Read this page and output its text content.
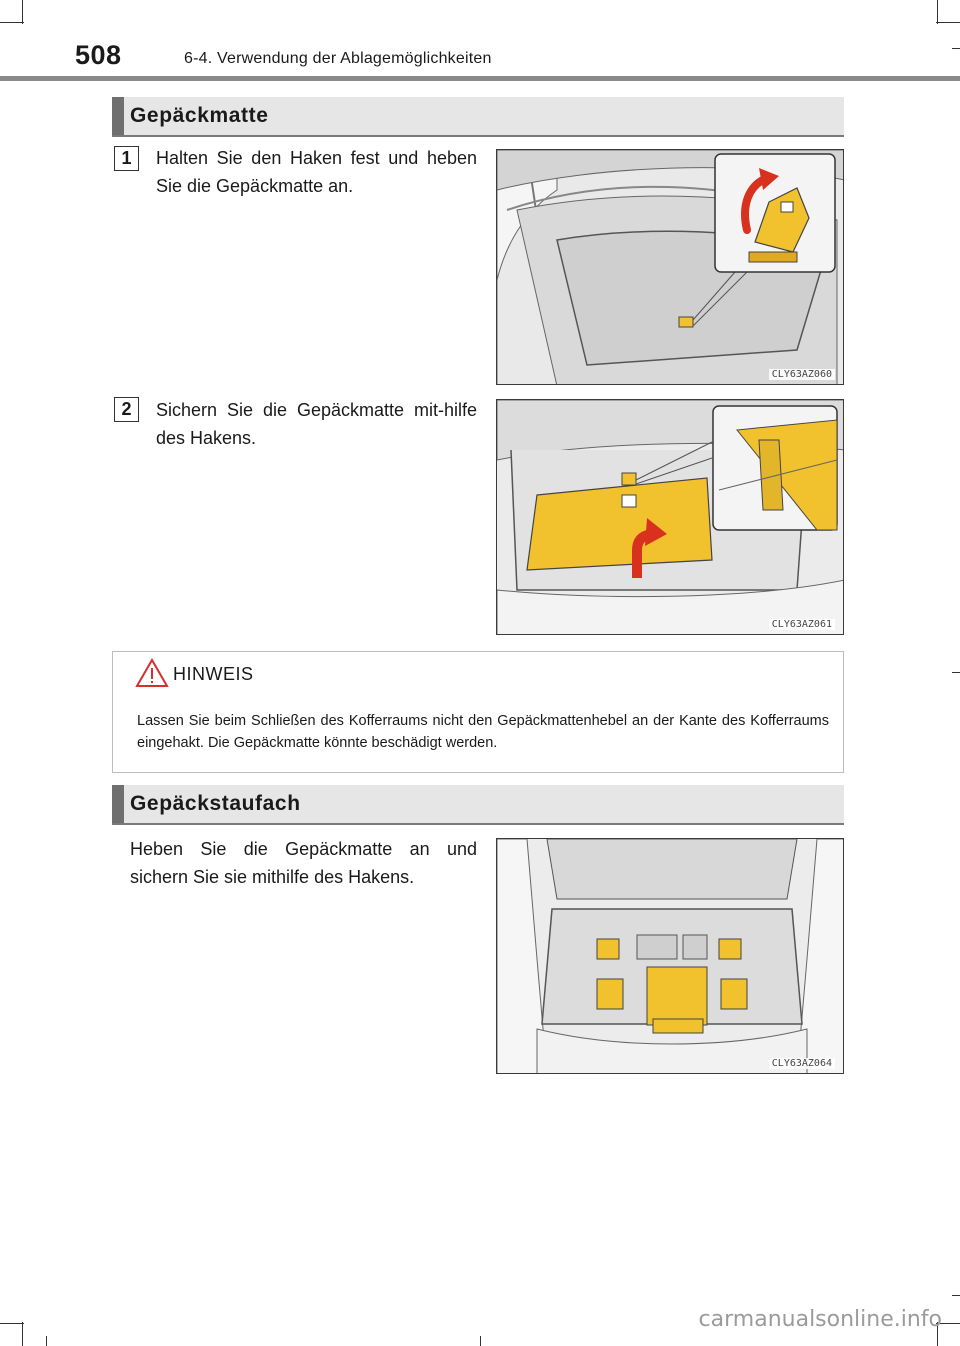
508	6-4. Verwendung der Ablagemöglichkeiten
Gepäckmatte
1	Halten Sie den Haken fest und heben Sie die Gepäckmatte an.
CLY63AZ060
2	Sichern Sie die Gepäckmatte mit-hilfe des Hakens.
CLY63AZ061
HINWEIS
Lassen Sie beim Schließen des Kofferraums nicht den Gepäckmattenhebel an der Kante des Kofferraums eingehakt. Die Gepäckmatte könnte beschädigt werden.
Gepäckstaufach
Heben Sie die Gepäckmatte an und sichern Sie sie mithilfe des Hakens.
CLY63AZ064
carmanualsonline.info
